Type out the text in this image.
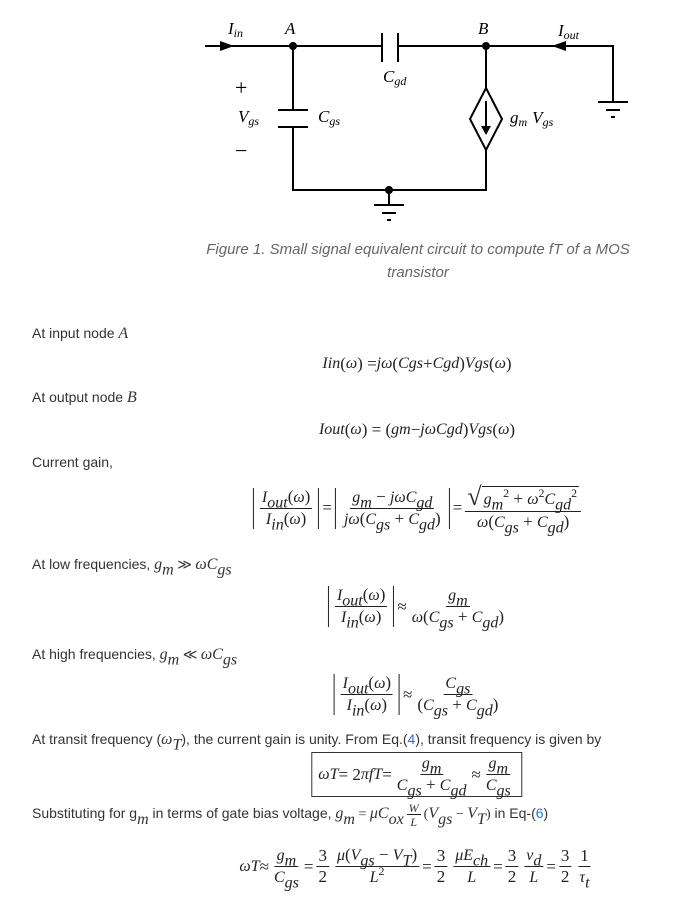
Iin A	B	Iout
+
Vgs
−
Cgs
Cgd
gm Vgs
Figure 1. Small signal equivalent circuit to compute fT of a MOS transistor
At input node A
I in ( ω ) = jω ( C gs + C gd ) V gs ( ω )
At output node B
I out ( ω ) = ( g m − jωC gd ) V gs ( ω )
Current gain,
$\frac{I_{out}(\omega)}{I_{in}(\omega)} = \frac{g_m - j\omega C_{gd}}{j\omega(C_{gs} + C_{gd})} = \frac{√ g_m^2 + \omega^2C_{gd}^2}{\omega(C_{gs} + C_{gd})}$
At low frequencies, $g_m$ ≫ $\omega C_{gs}$
$\frac{I_{out}(\omega)}{I_{in}(\omega)} \approx \frac{g_m}{\omega(C_{gs} + C_{gd})}$
At high frequencies, $g_m$ ≪ $\omega C_{gs}$
$\frac{I_{out}(\omega)}{I_{in}(\omega)} \approx \frac{C_{gs}}{(C_{gs} + C_{gd})}$
At transit frequency $(\omega_T)$, the current gain is unity. From Eq.(4), transit frequency is given by
ω T = 2 πf $T = \frac{g_m}{C_{gs} + C_{gd}} \approx \frac{g_m}{C_{gs}}$
Substituting for $g_m$ in terms of gate bias voltage, $g_m = \mu C_{ox} \frac{W}{L} (V_{gs} - V_T)$ in Eq-(6)
ω $T \approx \frac{g_m}{C_{gs}} = \frac{3}{2} \frac{\mu(V_{gs} - V_T)}{L^2} = \frac{3}{2} \frac{\mu E_{ch}}{L} = \frac{3}{2} \frac{v_d}{L} = \frac{3}{2} \frac{1}{\tau_t}$
